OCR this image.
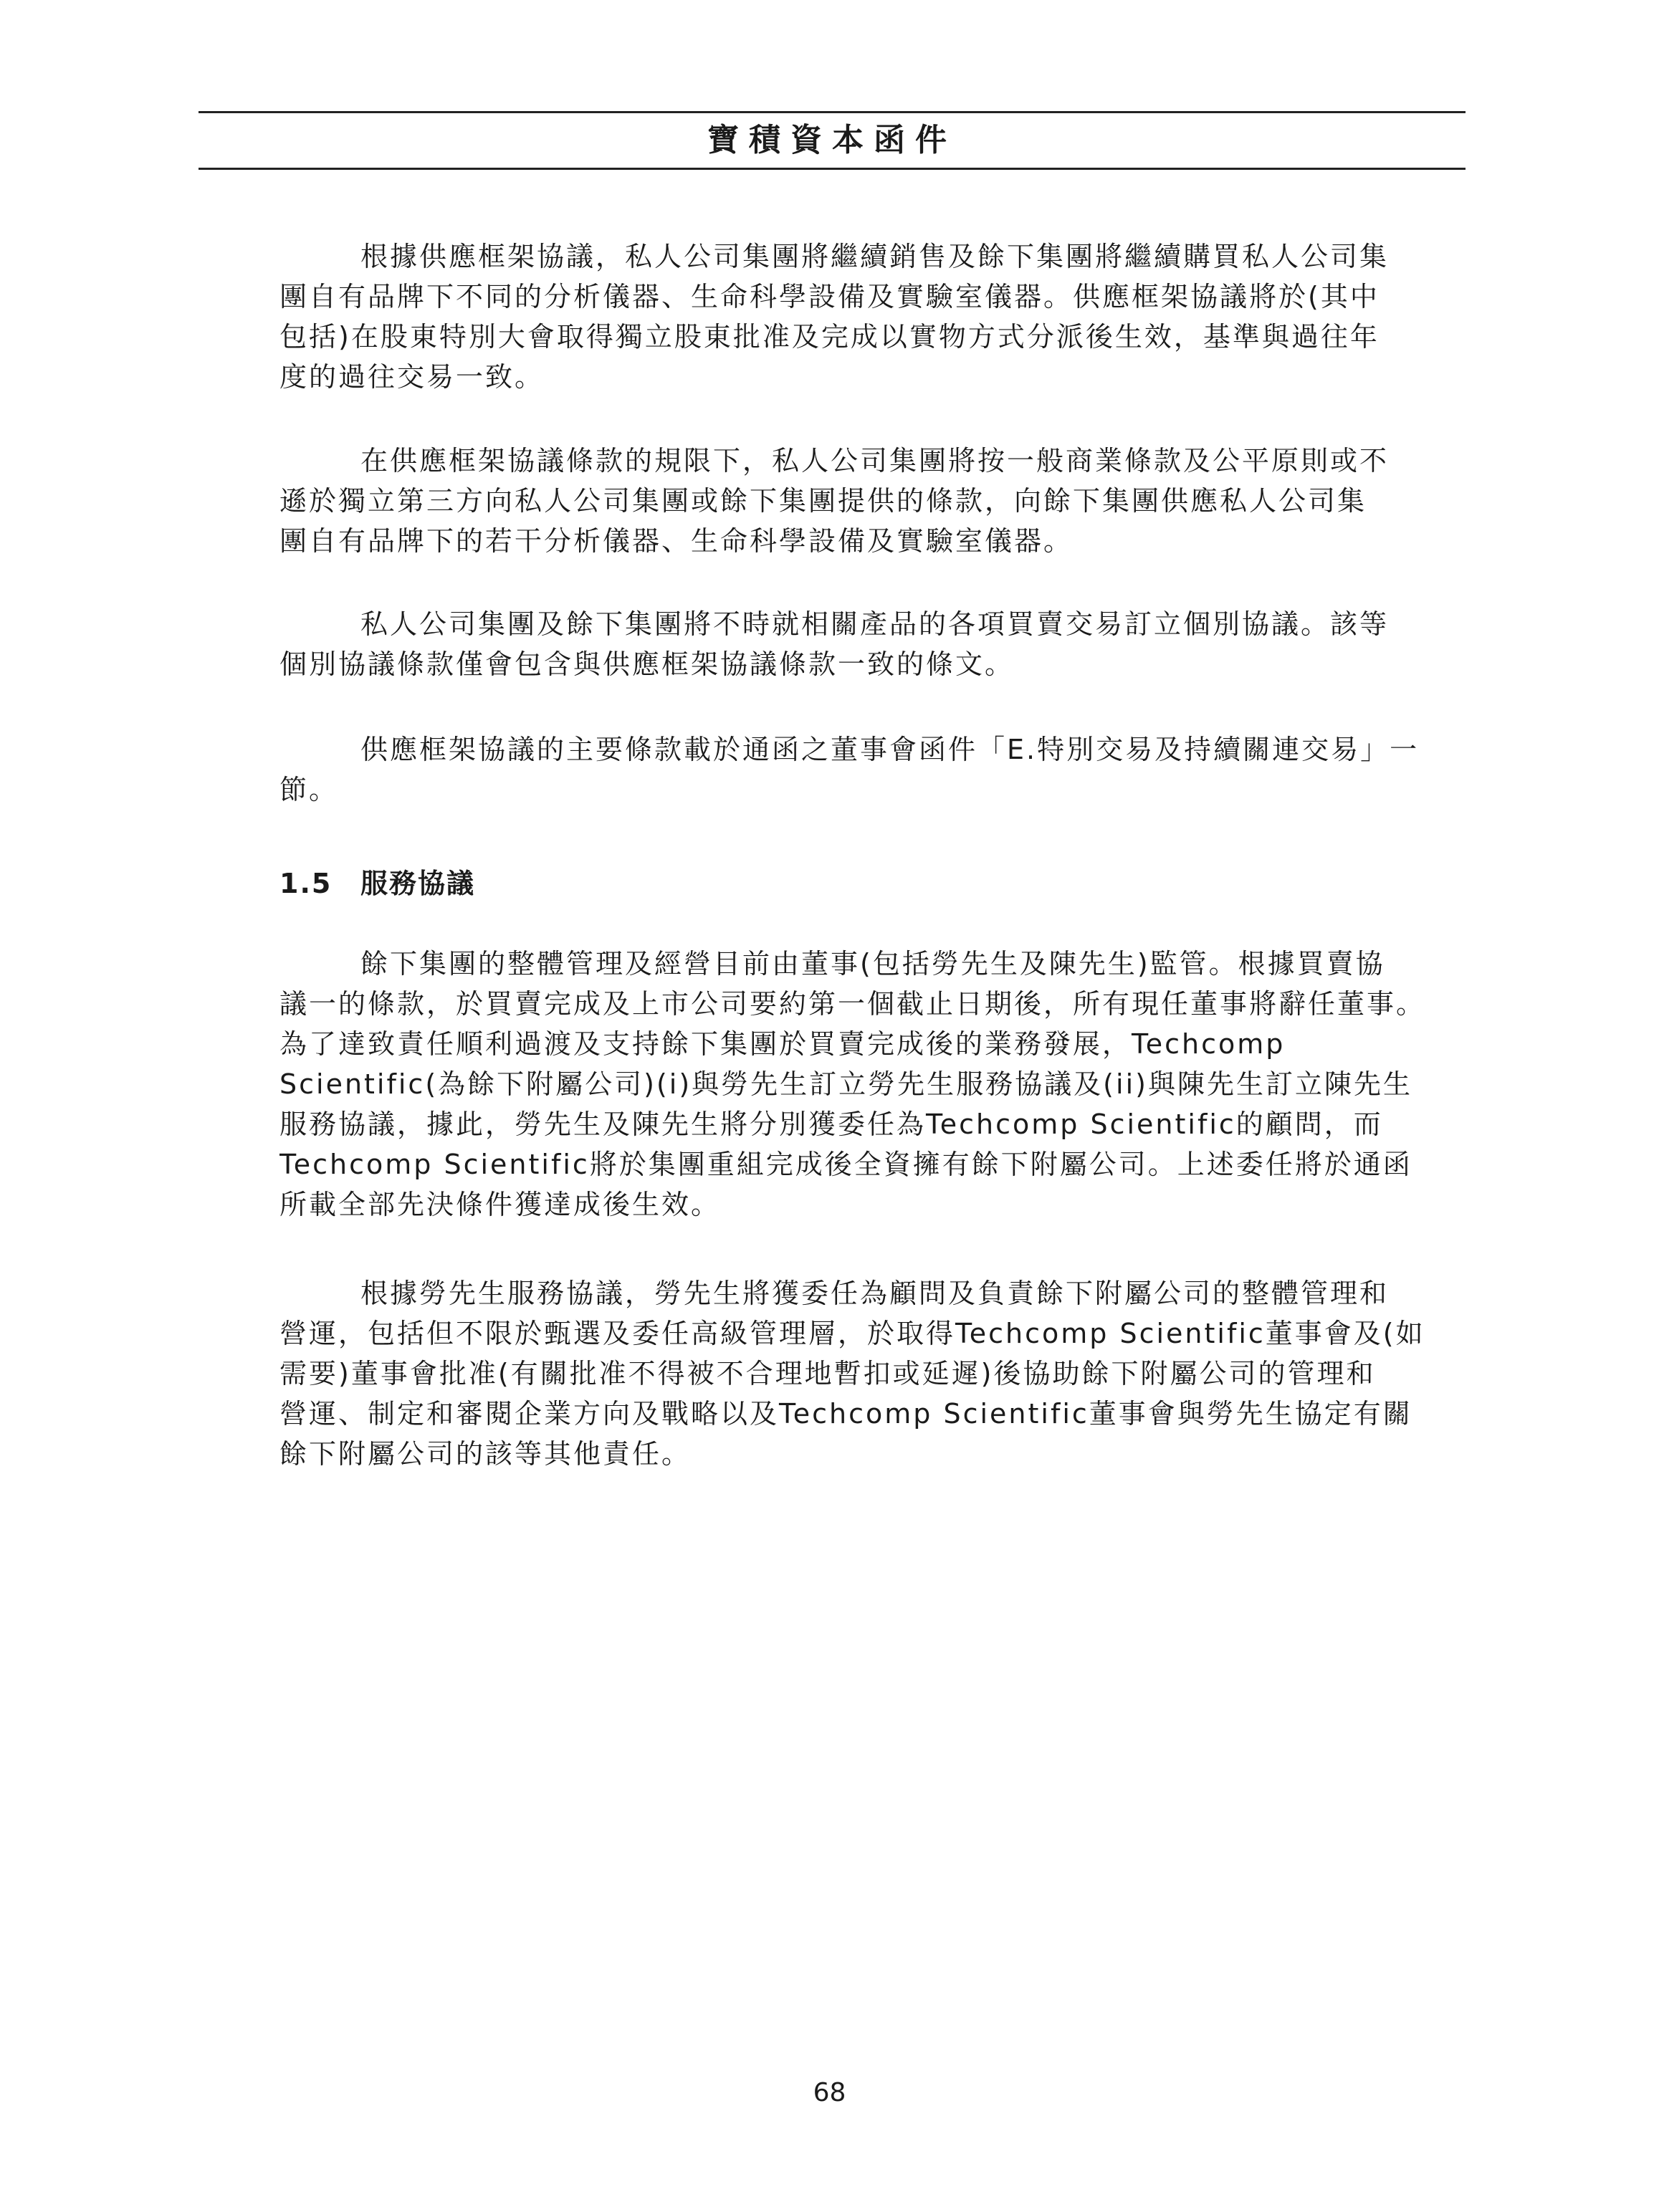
寶積資本函件
根據供應框架協議，私人公司集團將繼續銷售及餘下集團將繼續購買私人公司集
團自有品牌下不同的分析儀器、生命科學設備及實驗室儀器。供應框架協議將於(其中
包括)在股東特別大會取得獨立股東批准及完成以實物方式分派後生效，基準與過往年
度的過往交易一致。
在供應框架協議條款的規限下，私人公司集團將按一般商業條款及公平原則或不
遜於獨立第三方向私人公司集團或餘下集團提供的條款，向餘下集團供應私人公司集
團自有品牌下的若干分析儀器、生命科學設備及實驗室儀器。
私人公司集團及餘下集團將不時就相關產品的各項買賣交易訂立個別協議。該等
個別協議條款僅會包含與供應框架協議條款一致的條文。
供應框架協議的主要條款載於通函之董事會函件「E.特別交易及持續關連交易」一
節。
1.5 服務協議
餘下集團的整體管理及經營目前由董事(包括勞先生及陳先生)監管。根據買賣協
議一的條款，於買賣完成及上市公司要約第一個截止日期後，所有現任董事將辭任董事。
為了達致責任順利過渡及支持餘下集團於買賣完成後的業務發展，Techcomp
Scientific(為餘下附屬公司)(i)與勞先生訂立勞先生服務協議及(ii)與陳先生訂立陳先生
服務協議，據此，勞先生及陳先生將分別獲委任為Techcomp Scientific的顧問，而
Techcomp Scientific將於集團重組完成後全資擁有餘下附屬公司。上述委任將於通函
所載全部先決條件獲達成後生效。
根據勞先生服務協議，勞先生將獲委任為顧問及負責餘下附屬公司的整體管理和
營運，包括但不限於甄選及委任高級管理層，於取得Techcomp Scientific董事會及(如
需要)董事會批准(有關批准不得被不合理地暫扣或延遲)後協助餘下附屬公司的管理和
營運、制定和審閱企業方向及戰略以及Techcomp Scientific董事會與勞先生協定有關
餘下附屬公司的該等其他責任。
68
